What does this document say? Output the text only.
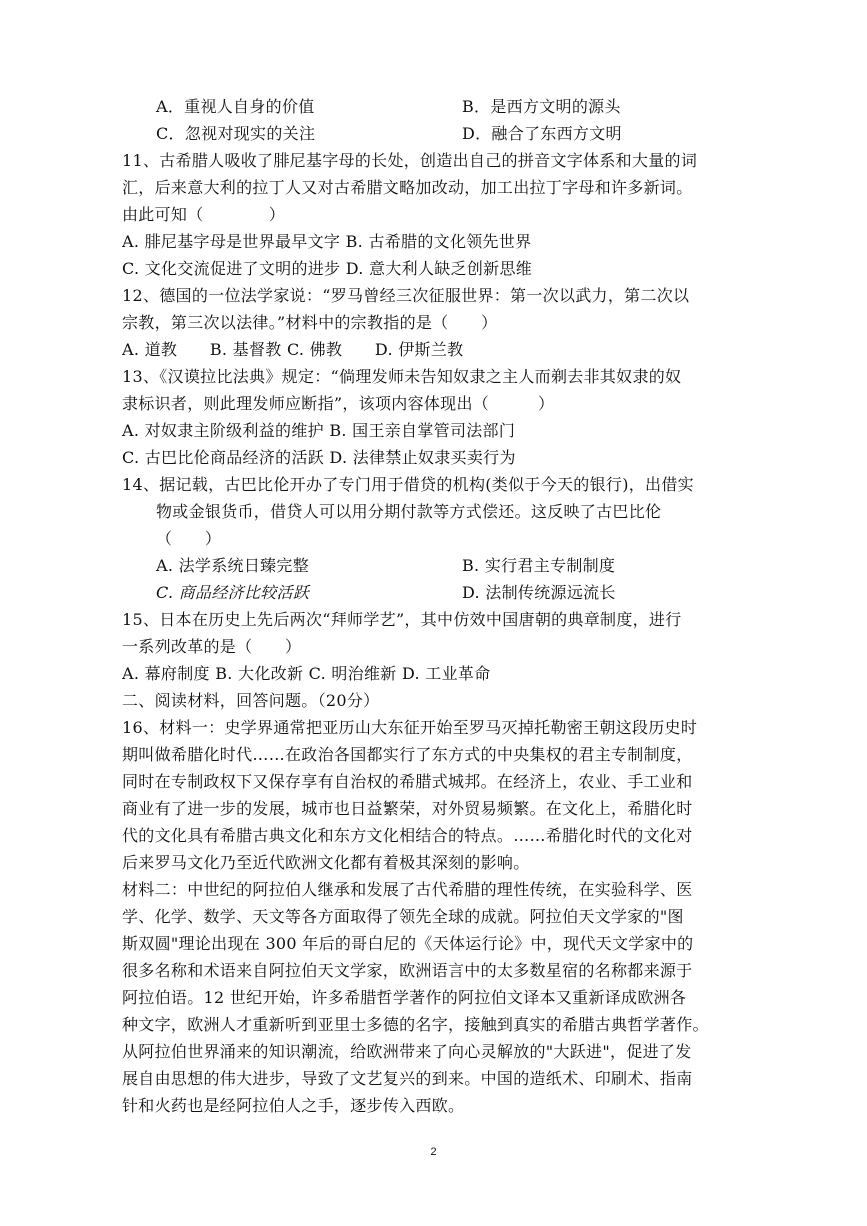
A．重视人自身的价值	B．是西方文明的源头
C．忽视对现实的关注	D．融合了东西方文明
11、古希腊人吸收了腓尼基字母的长处，创造出自己的拼音文字体系和大量的词
汇，后来意大利的拉丁人又对古希腊文略加改动，加工出拉丁字母和许多新词。
由此可知（　　　　）
A. 腓尼基字母是世界最早文字 B. 古希腊的文化领先世界
C. 文化交流促进了文明的进步 D. 意大利人缺乏创新思维
12、德国的一位法学家说：“罗马曾经三次征服世界：第一次以武力，第二次以
宗教，第三次以法律。”材料中的宗教指的是（　　）
A. 道教　　B. 基督教 C. 佛教　　D. 伊斯兰教
13、《汉谟拉比法典》规定：“倘理发师未告知奴隶之主人而剃去非其奴隶的奴
隶标识者，则此理发师应断指”，该项内容体现出（　　　）
A. 对奴隶主阶级利益的维护 B. 国王亲自掌管司法部门
C. 古巴比伦商品经济的活跃 D. 法律禁止奴隶买卖行为
14、据记载，古巴比伦开办了专门用于借贷的机构(类似于今天的银行)，出借实
物或金银货币，借贷人可以用分期付款等方式偿还。这反映了古巴比伦
（　　）
A. 法学系统日臻完整	B. 实行君主专制制度
C. 商品经济比较活跃	D. 法制传统源远流长
15、日本在历史上先后两次“拜师学艺”，其中仿效中国唐朝的典章制度，进行
一系列改革的是（　　）
A. 幕府制度 B. 大化改新 C. 明治维新 D. 工业革命
二、阅读材料，回答问题。（20分）
16、材料一：史学界通常把亚历山大东征开始至罗马灭掉托勒密王朝这段历史时
期叫做希腊化时代……在政治各国都实行了东方式的中央集权的君主专制制度，
同时在专制政权下又保存享有自治权的希腊式城邦。在经济上，农业、手工业和
商业有了进一步的发展，城市也日益繁荣，对外贸易频繁。在文化上，希腊化时
代的文化具有希腊古典文化和东方文化相结合的特点。……希腊化时代的文化对
后来罗马文化乃至近代欧洲文化都有着极其深刻的影响。
材料二：中世纪的阿拉伯人继承和发展了古代希腊的理性传统，在实验科学、医
学、化学、数学、天文等各方面取得了领先全球的成就。阿拉伯天文学家的"图
斯双圆"理论出现在 300 年后的哥白尼的《天体运行论》中，现代天文学家中的
很多名称和术语来自阿拉伯天文学家，欧洲语言中的太多数星宿的名称都来源于
阿拉伯语。12 世纪开始，许多希腊哲学著作的阿拉伯文译本又重新译成欧洲各
种文字，欧洲人才重新听到亚里士多德的名字，接触到真实的希腊古典哲学著作。
从阿拉伯世界涌来的知识潮流，给欧洲带来了向心灵解放的"大跃进"，促进了发
展自由思想的伟大进步，导致了文艺复兴的到来。中国的造纸术、印刷术、指南
针和火药也是经阿拉伯人之手，逐步传入西欧。
2
